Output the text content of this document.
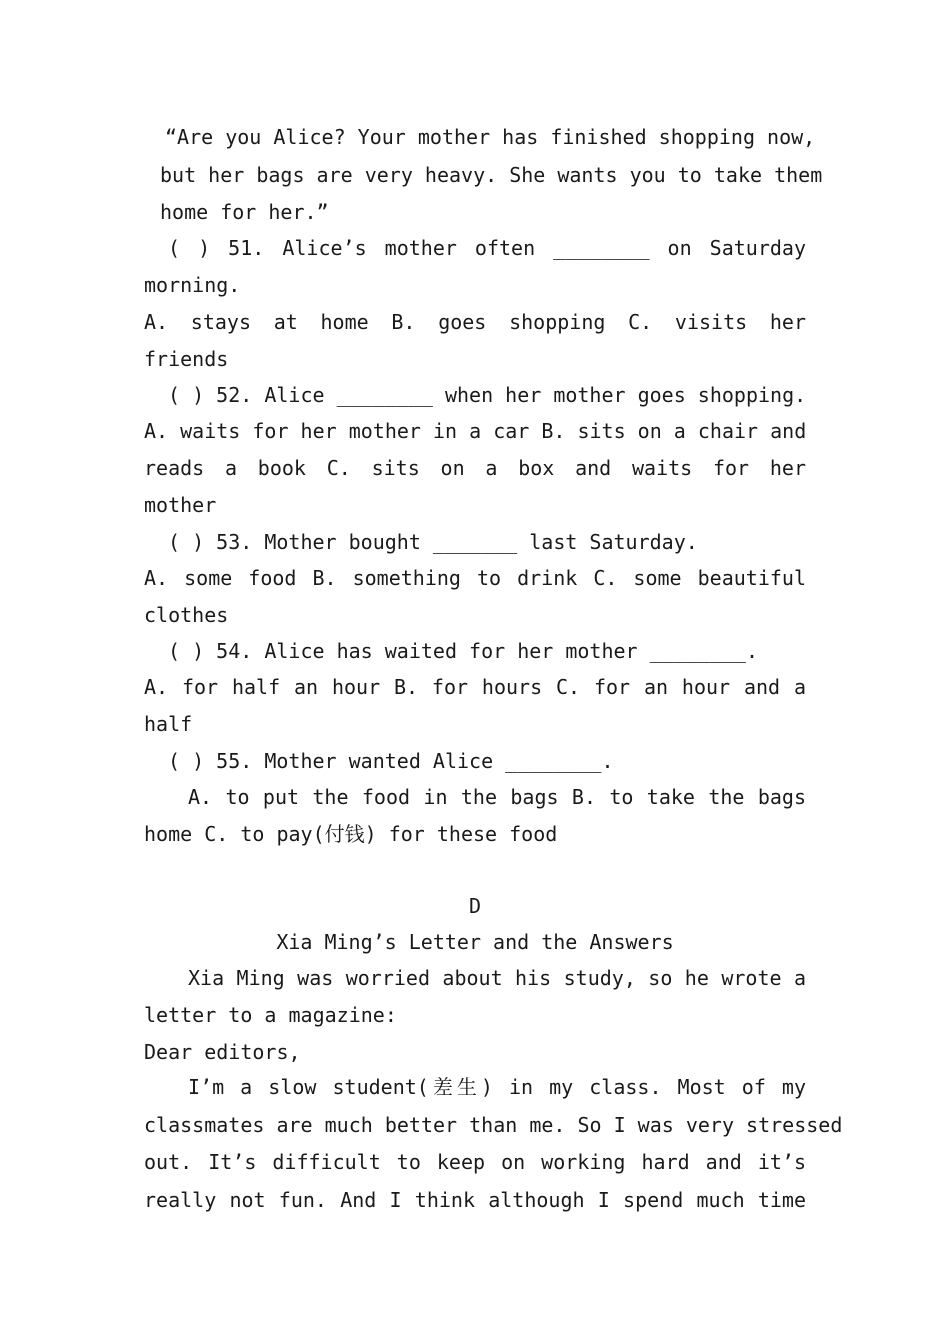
“Are you Alice? Your mother has finished shopping now,
but her bags are very heavy. She wants you to take them
home for her.”
( ) 51. Alice’s mother often ________ on Saturday
morning.
A. stays at home B. goes shopping C. visits her
friends
( ) 52. Alice ________ when her mother goes shopping.
A. waits for her mother in a car B. sits on a chair and
reads a book C. sits on a box and waits for her
mother
( ) 53. Mother bought _______ last Saturday.
A. some food B. something to drink C. some beautiful
clothes
( ) 54. Alice has waited for her mother ________.
A. for half an hour B. for hours C. for an hour and a
half
( ) 55. Mother wanted Alice ________.
A. to put the food in the bags B. to take the bags
home C. to pay(付钱) for these food
D
Xia Ming’s Letter and the Answers
Xia Ming was worried about his study, so he wrote a
letter to a magazine:
Dear editors,
I’m a slow student(差生) in my class. Most of my
classmates are much better than me. So I was very stressed
out. It’s difficult to keep on working hard and it’s
really not fun. And I think although I spend much time
